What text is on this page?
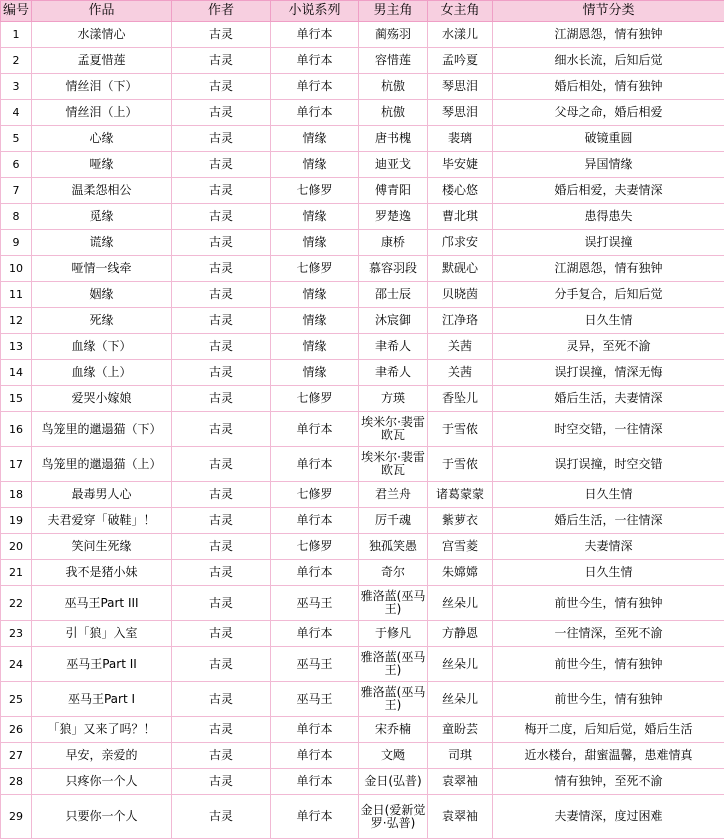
编号	作品	作者	小说系列	男主角	女主角	情节分类
1	水漾情心	古灵	单行本	蔺殇羽	水漾儿	江湖恩怨，情有独钟
2	孟夏惜莲	古灵	单行本	容惜莲	孟吟夏	细水长流，后知后觉
3	情丝泪（下）	古灵	单行本	杭傲	琴思泪	婚后相处，情有独钟
4	情丝泪（上）	古灵	单行本	杭傲	琴思泪	父母之命，婚后相爱
5	心缘	古灵	情缘	唐书槐	裴璃	破镜重圆
6	哑缘	古灵	情缘	迪亚戈	毕安婕	异国情缘
7	温柔怨相公	古灵	七修罗	傅青阳	楼心悠	婚后相爱，夫妻情深
8	觅缘	古灵	情缘	罗楚逸	曹北琪	患得患失
9	谎缘	古灵	情缘	康桥	邝求安	误打误撞
10	哑情一线牵	古灵	七修罗	慕容羽段	默砚心	江湖恩怨，情有独钟
11	姻缘	古灵	情缘	邵士辰	贝晓茵	分手复合，后知后觉
12	死缘	古灵	情缘	沐宸御	江净珞	日久生情
13	血缘（下）	古灵	情缘	聿希人	关茜	灵异，至死不渝
14	血缘（上）	古灵	情缘	聿希人	关茜	误打误撞，情深无悔
15	爱哭小嫁娘	古灵	七修罗	方瑛	香坠儿	婚后生活，夫妻情深
16	鸟笼里的邋遢猫（下）	古灵	单行本	埃米尔·裴雷欧瓦	于雪侬	时空交错，一往情深
17	鸟笼里的邋遢猫（上）	古灵	单行本	埃米尔·裴雷欧瓦	于雪侬	误打误撞，时空交错
18	最毒男人心	古灵	七修罗	君兰舟	诸葛蒙蒙	日久生情
19	夫君爱穿「破鞋」！	古灵	单行本	厉千魂	紫萝衣	婚后生活，一往情深
20	笑问生死缘	古灵	七修罗	独孤笑愚	宫雪菱	夫妻情深
21	我不是猪小妹	古灵	单行本	奇尔	朱嫦嫦	日久生情
22	巫马王Part III	古灵	巫马王	雅洛蓝(巫马王)	丝朵儿	前世今生，情有独钟
23	引「狼」入室	古灵	单行本	于修凡	方静恩	一往情深，至死不渝
24	巫马王Part II	古灵	巫马王	雅洛蓝(巫马王)	丝朵儿	前世今生，情有独钟
25	巫马王Part I	古灵	巫马王	雅洛蓝(巫马王)	丝朵儿	前世今生，情有独钟
26	「狼」又来了吗？！	古灵	单行本	宋乔楠	童盼芸	梅开二度，后知后觉，婚后生活
27	早安，亲爱的	古灵	单行本	文飏	司琪	近水楼台，甜蜜温馨，患难情真
28	只疼你一个人	古灵	单行本	金日(弘普)	袁翠袖	情有独钟，至死不渝
29	只要你一个人	古灵	单行本	金日(爱新觉罗·弘普)	袁翠袖	夫妻情深，度过困难
